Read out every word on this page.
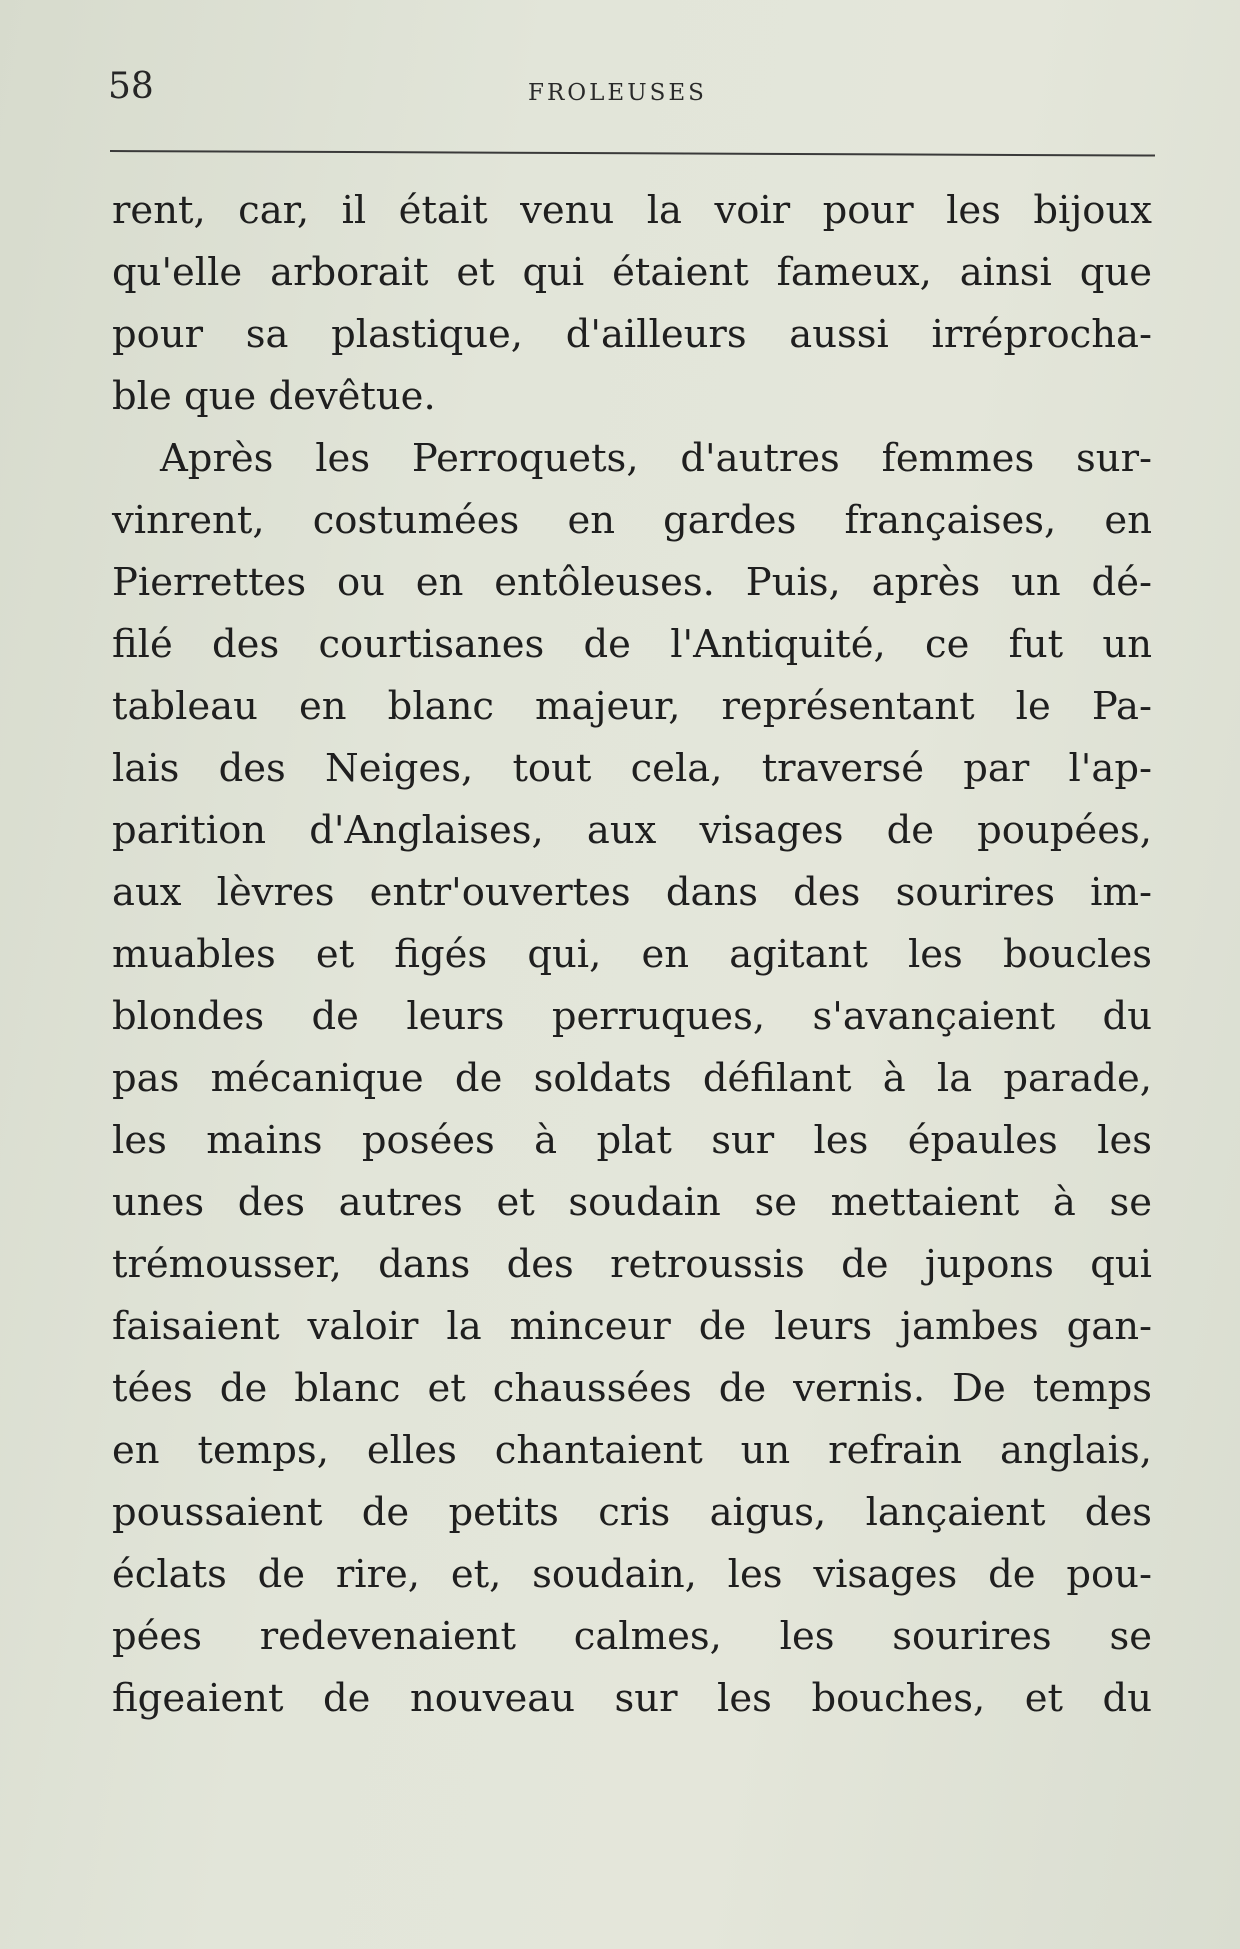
58	FROLEUSES
rent, car, il était venu la voir pour les bijoux
qu'elle arborait et qui étaient fameux, ainsi que
pour sa plastique, d'ailleurs aussi irréprocha-
ble que devêtue.
Après les Perroquets, d'autres femmes sur-
vinrent, costumées en gardes françaises, en
Pierrettes ou en entôleuses. Puis, après un dé-
filé des courtisanes de l'Antiquité, ce fut un
tableau en blanc majeur, représentant le Pa-
lais des Neiges, tout cela, traversé par l'ap-
parition d'Anglaises, aux visages de poupées,
aux lèvres entr'ouvertes dans des sourires im-
muables et figés qui, en agitant les boucles
blondes de leurs perruques, s'avançaient du
pas mécanique de soldats défilant à la parade,
les mains posées à plat sur les épaules les
unes des autres et soudain se mettaient à se
trémousser, dans des retroussis de jupons qui
faisaient valoir la minceur de leurs jambes gan-
tées de blanc et chaussées de vernis. De temps
en temps, elles chantaient un refrain anglais,
poussaient de petits cris aigus, lançaient des
éclats de rire, et, soudain, les visages de pou-
pées redevenaient calmes, les sourires se
figeaient de nouveau sur les bouches, et du
